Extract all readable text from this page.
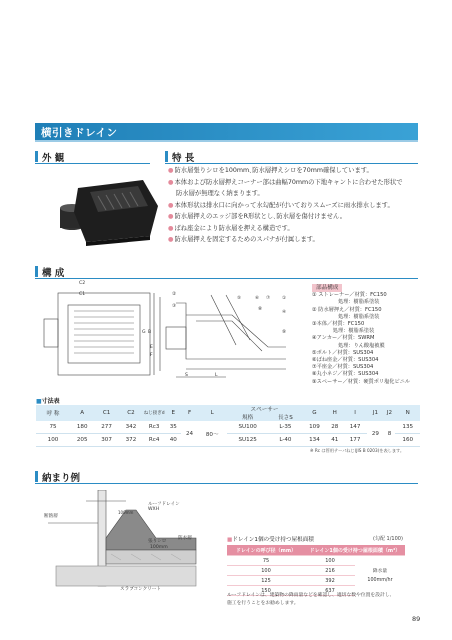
横引きドレイン
外 観	特 長
●防水層張りシロを100mm､防水層押えシロを70mm確保しています。
●本体および防水層押えコーナー部は曲幅70mmの下地キャントに合わせた形状で
防水層が無理なく納まります。
●本体形状は排水口に向かって水勾配が付いておりスムーズに雨水排水します。
●防水層押えのエッジ部をR形状とし､防水層を傷付けません。
●ばね座金により防水層を押える構造です。
●防水層押えを固定するためのスパナが付属します。
構 成
C1
C2
G B
②
③
⑤	⑥ ⑦	①
⑧
⑨
④
E
F
S	L
部品構成
① ストレーナー／材質：FC150
　　　　　処理：樹脂系塗装
② 防水層押え／材質：FC150
　　　　　処理：樹脂系塗装
③本体／材質：FC150
　　　　処理：樹脂系塗装
④アンカー／材質：SWRM
　　　　　処理：りん酸塩被膜
⑤ボルト／材質：SUS304
⑥ばね座金／材質：SUS304
⑦平座金／材質：SUS304
⑧丸小ネジ／材質：SUS304
⑨スペーサー／材質：硬質ポリ塩化ビニル
■寸法表
呼 称	A	C1	C2	ねじ接ぎd	E	F	L	スペーサー		G	H	I	J1	J2	N
								規格	長さS						
75	180	277	342	Rc3	35	24	80～	SU100	L-35	109	28	147	29	8	135
100	205	307	372	Rc4	40			SU125	L-40	134	41	177			160
※ Rc は管用テーパねじ(JIS B 0203)を表します。
納まり例
断熱層
ルーフドレイン
WXH
張りシロ
100mm
防水層
スラブコンクリート
100mm
■ドレイン1個の受け持つ屋根面積	(勾配 1/100)
ドレインの呼び径（mm）	ドレイン1個の受け持つ屋根面積（m²）	
75	100	降水量
100mm/hr

100	216	
125	392	
150	637	
ルーフドレインは、建築物の降雨量などを確認し、適切な数や位置を設計し、
施工を行うことをお勧めします。
89
